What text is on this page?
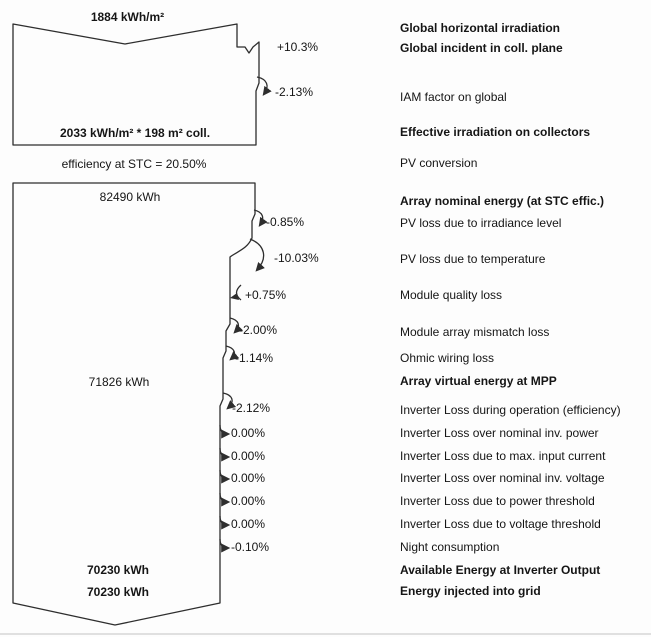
1884 kWh/m²
2033 kWh/m² * 198 m² coll.
efficiency at STC = 20.50%
82490 kWh
71826 kWh
70230 kWh
70230 kWh
+10.3%
-2.13%
-0.85%
-10.03%
+0.75%
-2.00%
-1.14%
-2.12%
0.00%
0.00%
0.00%
0.00%
0.00%
-0.10%
Global horizontal irradiation
Global incident in coll. plane
IAM factor on global
Effective irradiation on collectors
PV conversion
Array nominal energy (at STC effic.)
PV loss due to irradiance level
PV loss due to temperature
Module quality loss
Module array mismatch loss
Ohmic wiring loss
Array virtual energy at MPP
Inverter Loss during operation (efficiency)
Inverter Loss over nominal inv. power
Inverter Loss due to max. input current
Inverter Loss over nominal inv. voltage
Inverter Loss due to power threshold
Inverter Loss due to voltage threshold
Night consumption
Available Energy at Inverter Output
Energy injected into grid
